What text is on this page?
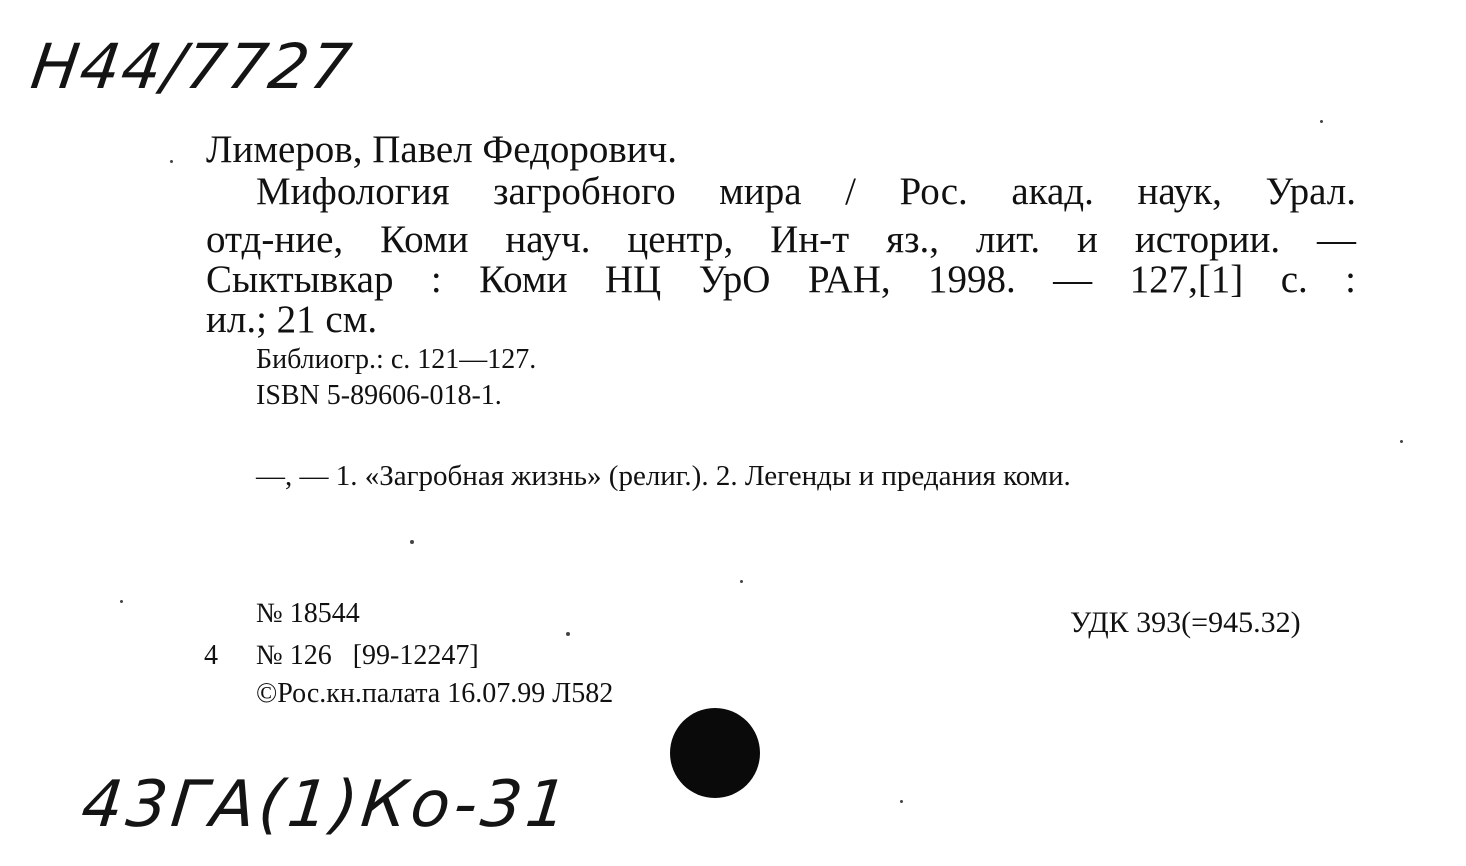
Н44/7727
Лимеров, Павел Федорович.
Мифология загробного мира / Рос. акад. наук, Урал.
отд-ние, Коми науч. центр, Ин-т яз., лит. и истории. —
Сыктывкар : Коми НЦ УрО РАН, 1998. — 127,[1] с. :
ил.; 21 см.
Библиогр.: с. 121—127.
ISBN 5-89606-018-1.
—, — 1. «Загробная жизнь» (религ.). 2. Легенды и предания коми.
№ 18544
4 № 126   [99-12247]
©Рос.кн.палата 16.07.99 Л582
УДК 393(=945.32)
43ГА(1)Ко-31
